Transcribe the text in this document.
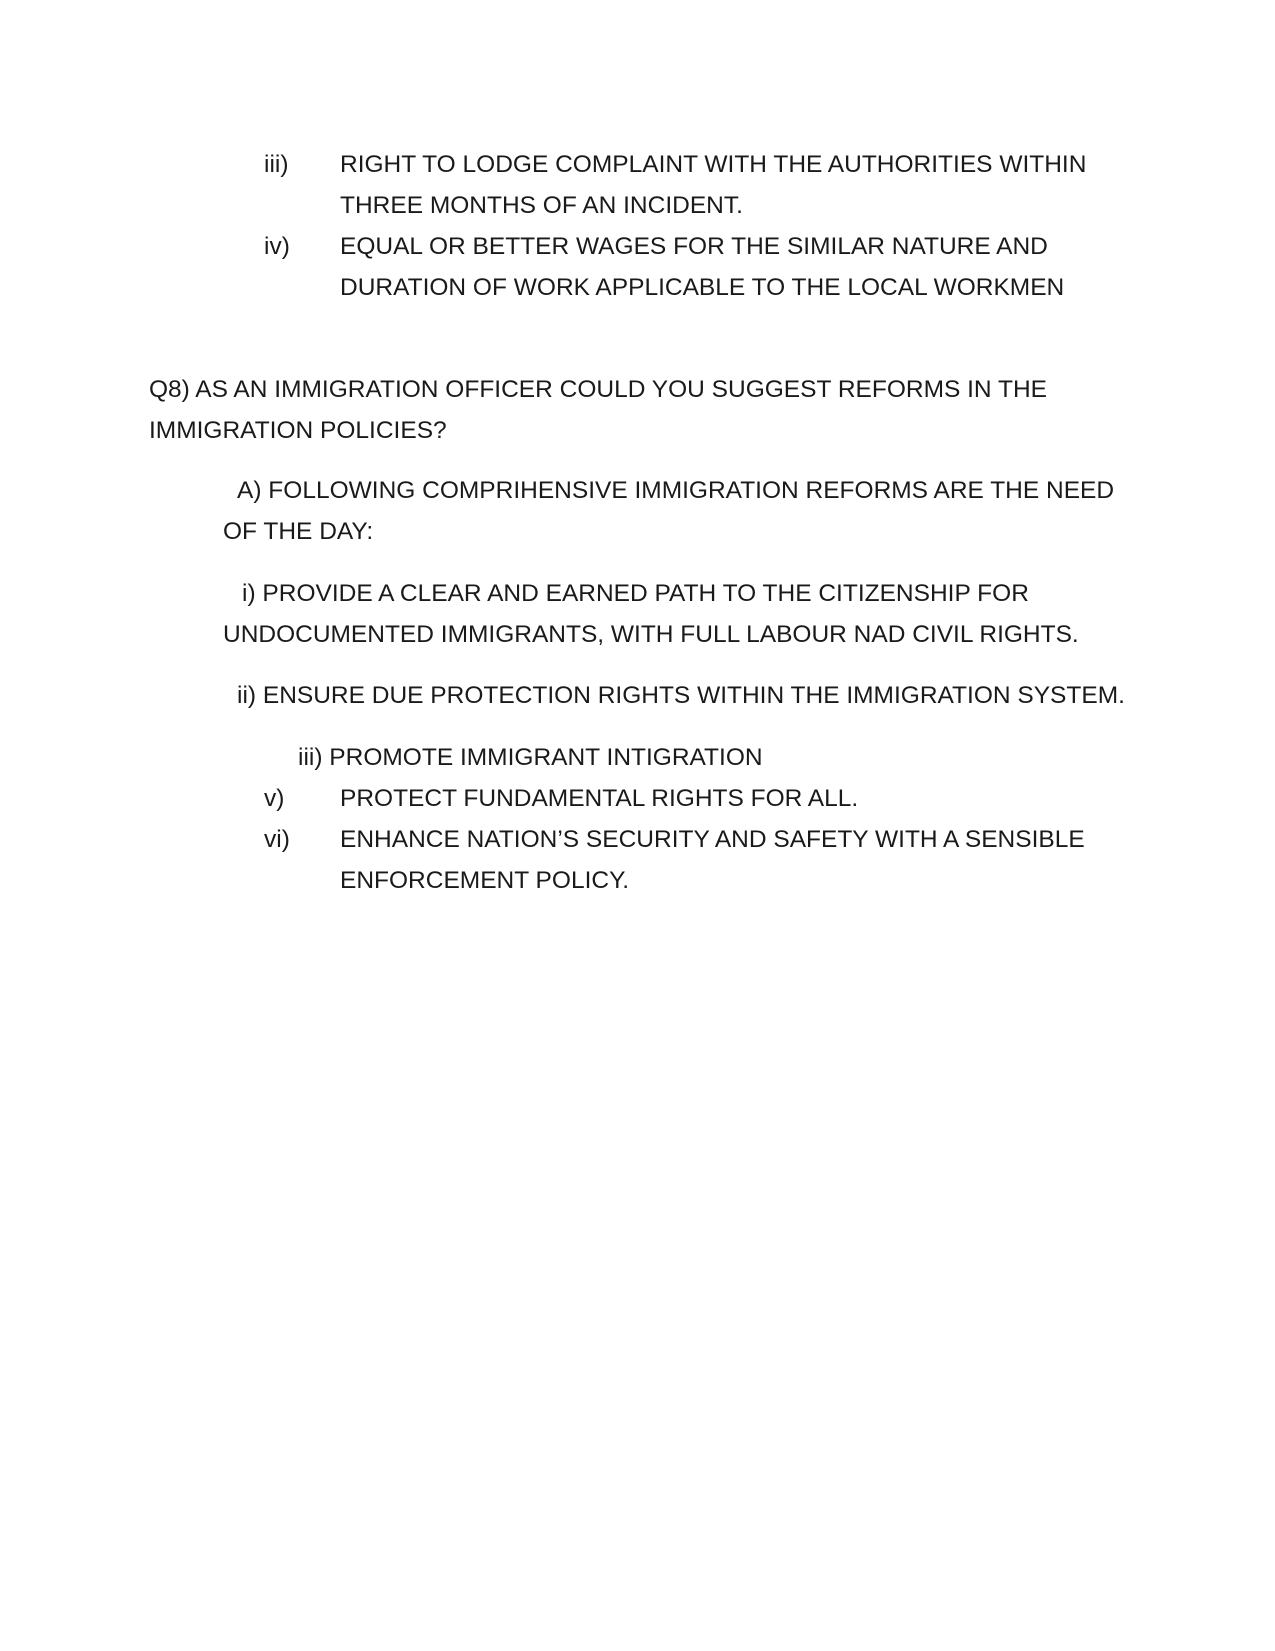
iii) RIGHT TO LODGE COMPLAINT WITH THE AUTHORITIES WITHIN
THREE MONTHS OF AN INCIDENT.
iv) EQUAL OR BETTER WAGES FOR THE SIMILAR NATURE AND
DURATION OF WORK APPLICABLE TO THE LOCAL WORKMEN
Q8) AS AN IMMIGRATION OFFICER COULD YOU SUGGEST REFORMS IN THE
IMMIGRATION POLICIES?
A) FOLLOWING COMPRIHENSIVE IMMIGRATION REFORMS ARE THE NEED
OF THE DAY:
i) PROVIDE A CLEAR AND EARNED PATH TO THE CITIZENSHIP FOR
UNDOCUMENTED IMMIGRANTS, WITH FULL LABOUR NAD CIVIL RIGHTS.
ii) ENSURE DUE PROTECTION RIGHTS WITHIN THE IMMIGRATION SYSTEM.
iii) PROMOTE IMMIGRANT INTIGRATION
v) PROTECT FUNDAMENTAL RIGHTS FOR ALL.
vi) ENHANCE NATION’S SECURITY AND SAFETY WITH A SENSIBLE
ENFORCEMENT POLICY.
